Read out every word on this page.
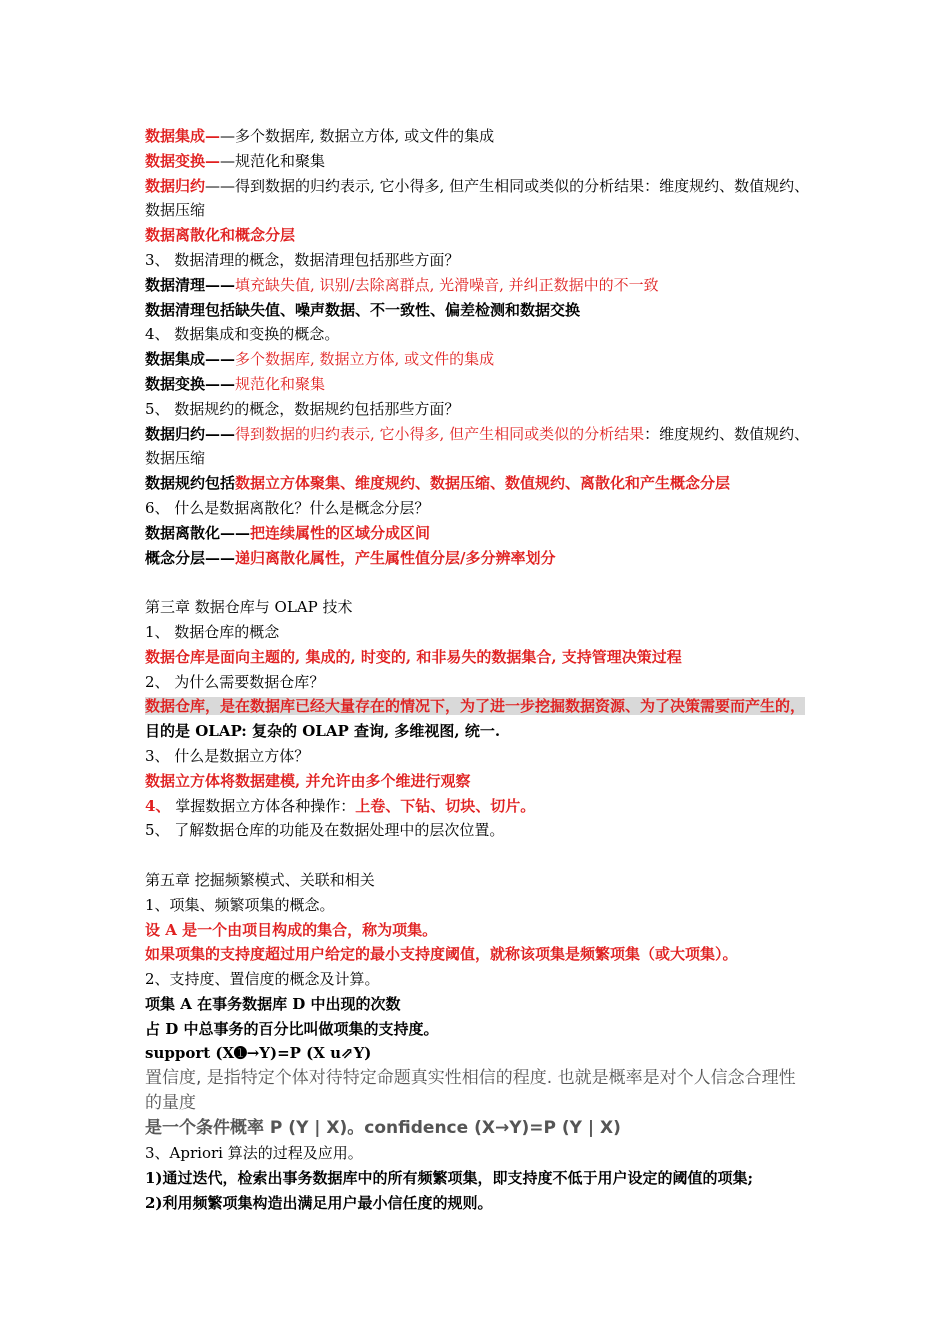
数据集成——多个数据库, 数据立方体, 或文件的集成
数据变换——规范化和聚集
数据归约——得到数据的归约表示, 它小得多, 但产生相同或类似的分析结果：维度规约、数值规约、数据压缩
数据离散化和概念分层
3、 数据清理的概念，数据清理包括那些方面？
数据清理——填充缺失值, 识别/去除离群点, 光滑噪音, 并纠正数据中的不一致
数据清理包括缺失值、噪声数据、不一致性、偏差检测和数据交换
4、 数据集成和变换的概念。
数据集成——多个数据库, 数据立方体, 或文件的集成
数据变换——规范化和聚集
5、 数据规约的概念，数据规约包括那些方面？
数据归约——得到数据的归约表示, 它小得多, 但产生相同或类似的分析结果：维度规约、数值规约、数据压缩
数据规约包括数据立方体聚集、维度规约、数据压缩、数值规约、离散化和产生概念分层
6、 什么是数据离散化？什么是概念分层？
数据离散化——把连续属性的区域分成区间
概念分层——递归离散化属性，产生属性值分层/多分辨率划分
第三章 数据仓库与 OLAP 技术
1、 数据仓库的概念
数据仓库是面向主题的, 集成的, 时变的, 和非易失的数据集合, 支持管理决策过程
2、 为什么需要数据仓库？
数据仓库，是在数据库已经大量存在的情况下，为了进一步挖掘数据资源、为了决策需要而产生的， 目的是 OLAP: 复杂的 OLAP 查询, 多维视图, 统一.
3、 什么是数据立方体？
数据立方体将数据建模, 并允许由多个维进行观察
4、 掌握数据立方体各种操作：上卷、下钻、切块、切片。
5、 了解数据仓库的功能及在数据处理中的层次位置。
第五章 挖掘频繁模式、关联和相关
1、项集、频繁项集的概念。
设 A 是一个由项目构成的集合，称为项集。
如果项集的支持度超过用户给定的最小支持度阈值，就称该项集是频繁项集（或大项集）。
2、支持度、置信度的概念及计算。
项集 A 在事务数据库 D 中出现的次数
占 D 中总事务的百分比叫做项集的支持度。
support (X➊→Y)=P (X u⇗Y)
置信度, 是指特定个体对待特定命题真实性相信的程度. 也就是概率是对个人信念合理性的量度
是一个条件概率 P (Y | X)。confidence (X→Y)=P (Y | X)
3、Apriori 算法的过程及应用。
1)通过迭代，检索出事务数据库中的所有频繁项集，即支持度不低于用户设定的阈值的项集;
2)利用频繁项集构造出满足用户最小信任度的规则。
